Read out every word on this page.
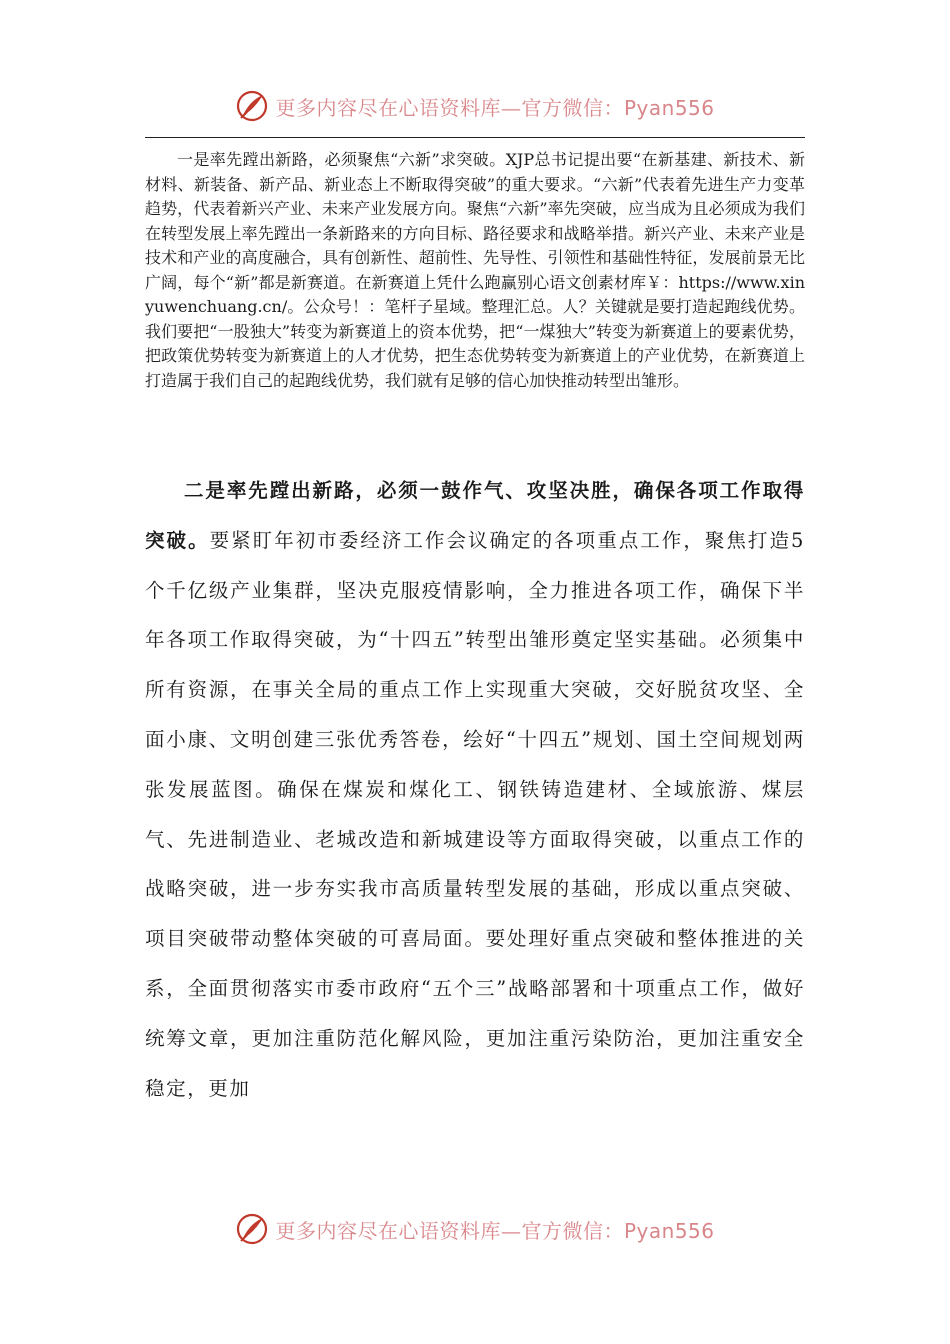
更多内容尽在心语资料库—官方微信：Pyan556

一是率先蹚出新路，必须聚焦“六新”求突破。XJP总书记提出要“在新基建、新技术、新材料、新装备、新产品、新业态上不断取得突破”的重大要求。“六新”代表着先进生产力变革趋势，代表着新兴产业、未来产业发展方向。聚焦“六新”率先突破，应当成为且必须成为我们在转型发展上率先蹚出一条新路来的方向目标、路径要求和战略举措。新兴产业、未来产业是技术和产业的高度融合，具有创新性、超前性、先导性、引领性和基础性特征，发展前景无比广阔，每个“新”都是新赛道。在新赛道上凭什么跑赢别心语文创素材库￥：https://www.xinyuwenchuang.cn/。公众号！：笔杆子星域。整理汇总。人？关键就是要打造起跑线优势。我们要把“一股独大”转变为新赛道上的资本优势，把“一煤独大”转变为新赛道上的要素优势，把政策优势转变为新赛道上的人才优势，把生态优势转变为新赛道上的产业优势，在新赛道上打造属于我们自己的起跑线优势，我们就有足够的信心加快推动转型出雏形。

二是率先蹚出新路，必须一鼓作气、攻坚决胜，确保各项工作取得突破。要紧盯年初市委经济工作会议确定的各项重点工作，聚焦打造5个千亿级产业集群，坚决克服疫情影响，全力推进各项工作，确保下半年各项工作取得突破，为“十四五”转型出雏形奠定坚实基础。必须集中所有资源，在事关全局的重点工作上实现重大突破，交好脱贫攻坚、全面小康、文明创建三张优秀答卷，绘好“十四五”规划、国土空间规划两张发展蓝图。确保在煤炭和煤化工、钢铁铸造建材、全域旅游、煤层气、先进制造业、老城改造和新城建设等方面取得突破，以重点工作的战略突破，进一步夯实我市高质量转型发展的基础，形成以重点突破、项目突破带动整体突破的可喜局面。要处理好重点突破和整体推进的关系，全面贯彻落实市委市政府“五个三”战略部署和十项重点工作，做好统筹文章，更加注重防范化解风险，更加注重污染防治，更加注重安全稳定，更加

更多内容尽在心语资料库—官方微信：Pyan556
